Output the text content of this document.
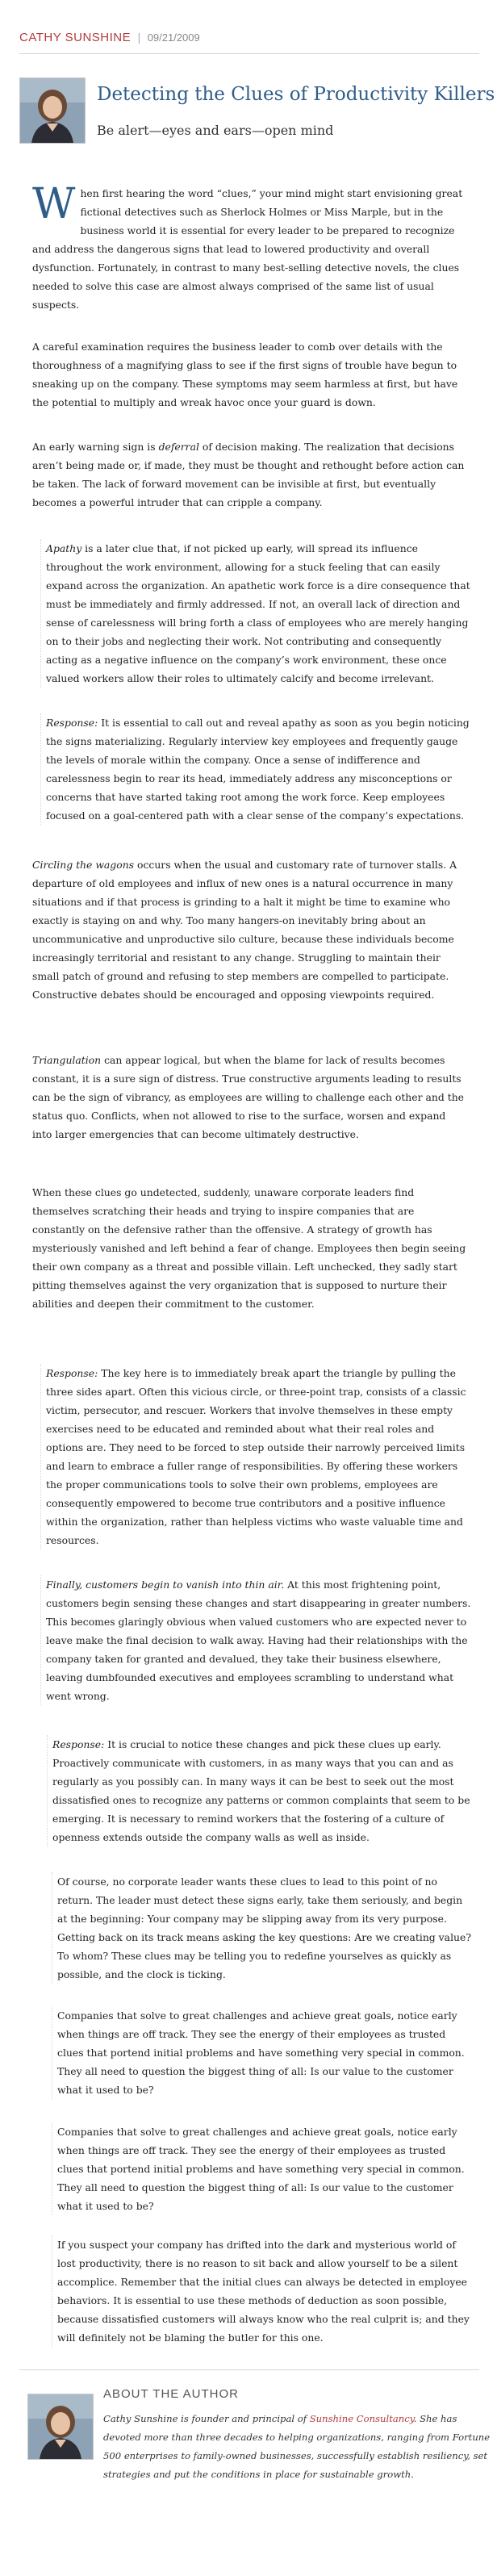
CATHY SUNSHINE | 09/21/2009
Detecting the Clues of Productivity Killers
Be alert—eyes and ears—open mind

When first hearing the word “clues,” your mind might start envisioning great fictional detectives such as Sherlock Holmes or Miss Marple, but in the business world it is essential for every leader to be prepared to recognize and address the dangerous signs that lead to lowered productivity and overall dysfunction. Fortunately, in contrast to many best-selling detective novels, the clues needed to solve this case are almost always comprised of the same list of usual suspects.

A careful examination requires the business leader to comb over details with the thoroughness of a magnifying glass to see if the first signs of trouble have begun to sneaking up on the company. These symptoms may seem harmless at first, but have the potential to multiply and wreak havoc once your guard is down.

An early warning sign is deferral of decision making. The realization that decisions aren’t being made or, if made, they must be thought and rethought before action can be taken. The lack of forward movement can be invisible at first, but eventually becomes a powerful intruder that can cripple a company.

Apathy is a later clue that, if not picked up early, will spread its influence throughout the work environment, allowing for a stuck feeling that can easily expand across the organization. An apathetic work force is a dire consequence that must be immediately and firmly addressed. If not, an overall lack of direction and sense of carelessness will bring forth a class of employees who are merely hanging on to their jobs and neglecting their work. Not contributing and consequently acting as a negative influence on the company’s work environment, these once valued workers allow their roles to ultimately calcify and become irrelevant.

Response: It is essential to call out and reveal apathy as soon as you begin noticing the signs materializing. Regularly interview key employees and frequently gauge the levels of morale within the company. Once a sense of indifference and carelessness begin to rear its head, immediately address any misconceptions or concerns that have started taking root among the work force. Keep employees focused on a goal-centered path with a clear sense of the company’s expectations.

Circling the wagons occurs when the usual and customary rate of turnover stalls. A departure of old employees and influx of new ones is a natural occurrence in many situations and if that process is grinding to a halt it might be time to examine who exactly is staying on and why. Too many hangers-on inevitably bring about an uncommunicative and unproductive silo culture, because these individuals become increasingly territorial and resistant to any change. Struggling to maintain their small patch of ground and refusing to step members are compelled to participate. Constructive debates should be encouraged and opposing viewpoints required.

Triangulation can appear logical, but when the blame for lack of results becomes constant, it is a sure sign of distress. True constructive arguments leading to results can be the sign of vibrancy, as employees are willing to challenge each other and the status quo. Conflicts, when not allowed to rise to the surface, worsen and expand into larger emergencies that can become ultimately destructive.

When these clues go undetected, suddenly, unaware corporate leaders find themselves scratching their heads and trying to inspire companies that are constantly on the defensive rather than the offensive. A strategy of growth has mysteriously vanished and left behind a fear of change. Employees then begin seeing their own company as a threat and possible villain. Left unchecked, they sadly start pitting themselves against the very organization that is supposed to nurture their abilities and deepen their commitment to the customer.

Response: The key here is to immediately break apart the triangle by pulling the three sides apart. Often this vicious circle, or three-point trap, consists of a classic victim, persecutor, and rescuer. Workers that involve themselves in these empty exercises need to be educated and reminded about what their real roles and options are. They need to be forced to step outside their narrowly perceived limits and learn to embrace a fuller range of responsibilities. By offering these workers the proper communications tools to solve their own problems, employees are consequently empowered to become true contributors and a positive influence within the organization, rather than helpless victims who waste valuable time and resources.

Finally, customers begin to vanish into thin air. At this most frightening point, customers begin sensing these changes and start disappearing in greater numbers. This becomes glaringly obvious when valued customers who are expected never to leave make the final decision to walk away. Having had their relationships with the company taken for granted and devalued, they take their business elsewhere, leaving dumbfounded executives and employees scrambling to understand what went wrong.

Response: It is crucial to notice these changes and pick these clues up early. Proactively communicate with customers, in as many ways that you can and as regularly as you possibly can. In many ways it can be best to seek out the most dissatisfied ones to recognize any patterns or common complaints that seem to be emerging. It is necessary to remind workers that the fostering of a culture of openness extends outside the company walls as well as inside.

Of course, no corporate leader wants these clues to lead to this point of no return. The leader must detect these signs early, take them seriously, and begin at the beginning: Your company may be slipping away from its very purpose. Getting back on its track means asking the key questions: Are we creating value? To whom? These clues may be telling you to redefine yourselves as quickly as possible, and the clock is ticking.

Companies that solve to great challenges and achieve great goals, notice early when things are off track. They see the energy of their employees as trusted clues that portend initial problems and have something very special in common. They all need to question the biggest thing of all: Is our value to the customer what it used to be?

Companies that solve to great challenges and achieve great goals, notice early when things are off track. They see the energy of their employees as trusted clues that portend initial problems and have something very special in common. They all need to question the biggest thing of all: Is our value to the customer what it used to be?

If you suspect your company has drifted into the dark and mysterious world of lost productivity, there is no reason to sit back and allow yourself to be a silent accomplice. Remember that the initial clues can always be detected in employee behaviors. It is essential to use these methods of deduction as soon possible, because dissatisfied customers will always know who the real culprit is; and they will definitely not be blaming the butler for this one.

ABOUT THE AUTHOR
Cathy Sunshine is founder and principal of Sunshine Consultancy. She has devoted more than three decades to helping organizations, ranging from Fortune 500 enterprises to family-owned businesses, successfully establish resiliency, set strategies and put the conditions in place for sustainable growth.
